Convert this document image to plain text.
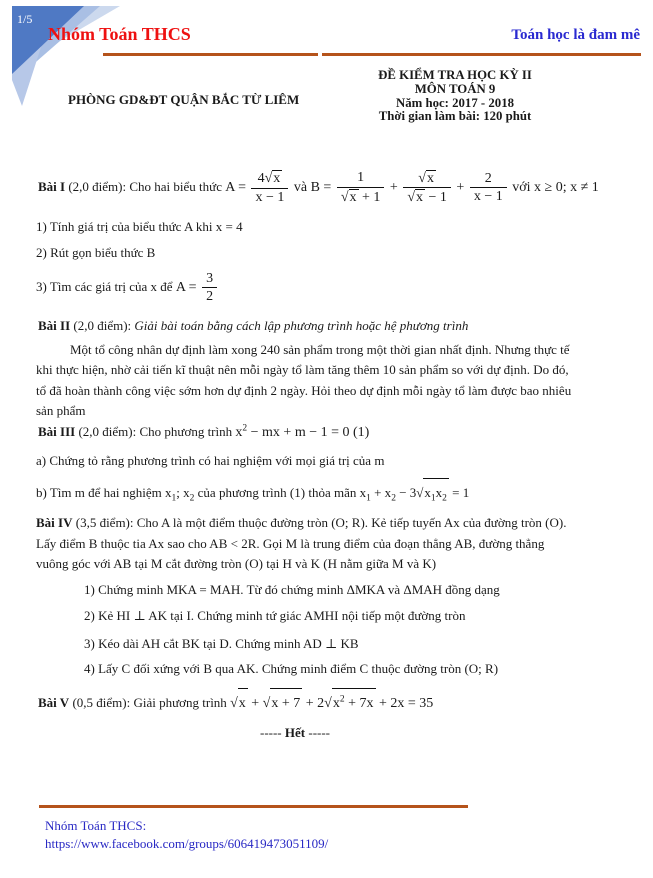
1/5
Nhóm Toán THCS	Toán học là đam mê
PHÒNG GD&ĐT QUẬN BẮC TỪ LIÊM
ĐỀ KIỂM TRA HỌC KỲ II
MÔN TOÁN 9
Năm học: 2017 - 2018
Thời gian làm bài: 120 phút
Bài I (2,0 điểm): Cho hai biểu thức $A = \frac{4√x}{x - 1}$ và $B = \frac{1}{√x + 1} + \frac{√x}{√x - 1} + \frac{2}{x - 1}$ với x ≥ 0; x ≠ 1
1) Tính giá trị của biểu thức A khi x = 4
2) Rút gọn biểu thức B
3) Tìm các giá trị của x để $A = \frac{3}{2}$
Bài II (2,0 điểm): Giải bài toán bằng cách lập phương trình hoặc hệ phương trình
Một tổ công nhân dự định làm xong 240 sản phẩm trong một thời gian nhất định. Nhưng thực tế
khi thực hiện, nhờ cải tiến kĩ thuật nên mỗi ngày tổ làm tăng thêm 10 sản phẩm so với dự định. Do đó,
tổ đã hoàn thành công việc sớm hơn dự định 2 ngày. Hỏi theo dự định mỗi ngày tổ làm được bao nhiêu
sản phẩm
Bài III (2,0 điểm): Cho phương trình $x^2$ − mx + m − 1 = 0 (1)
a) Chứng tỏ rằng phương trình có hai nghiệm với mọi giá trị của m
b) Tìm m để hai nghiệm $x_1$; $x_2$ của phương trình (1) thỏa mãn $x_1 + x_2 - 3√x_1x_2 = 1$
Bài IV (3,5 điểm): Cho A là một điểm thuộc đường tròn (O; R). Kẻ tiếp tuyến Ax của đường tròn (O).
Lấy điểm B thuộc tia Ax sao cho AB < 2R. Gọi M là trung điểm của đoạn thẳng AB, đường thẳng
vuông góc với AB tại M cắt đường tròn (O) tại H và K (H nằm giữa M và K)
1) Chứng minh MKA = MAH. Từ đó chứng minh ΔMKA và ΔMAH đồng dạng
2) Kẻ HI ⊥ AK tại I. Chứng minh tứ giác AMHI nội tiếp một đường tròn
3) Kéo dài AH cắt BK tại D. Chứng minh AD ⊥ KB
4) Lấy C đối xứng với B qua AK. Chứng minh điểm C thuộc đường tròn (O; R)
Bài V (0,5 điểm): Giải phương trình $√x + √x + 7 + 2√x^2 + 7x + 2x = 35$
----- Hết -----
Nhóm Toán THCS:
https://www.facebook.com/groups/606419473051109/
